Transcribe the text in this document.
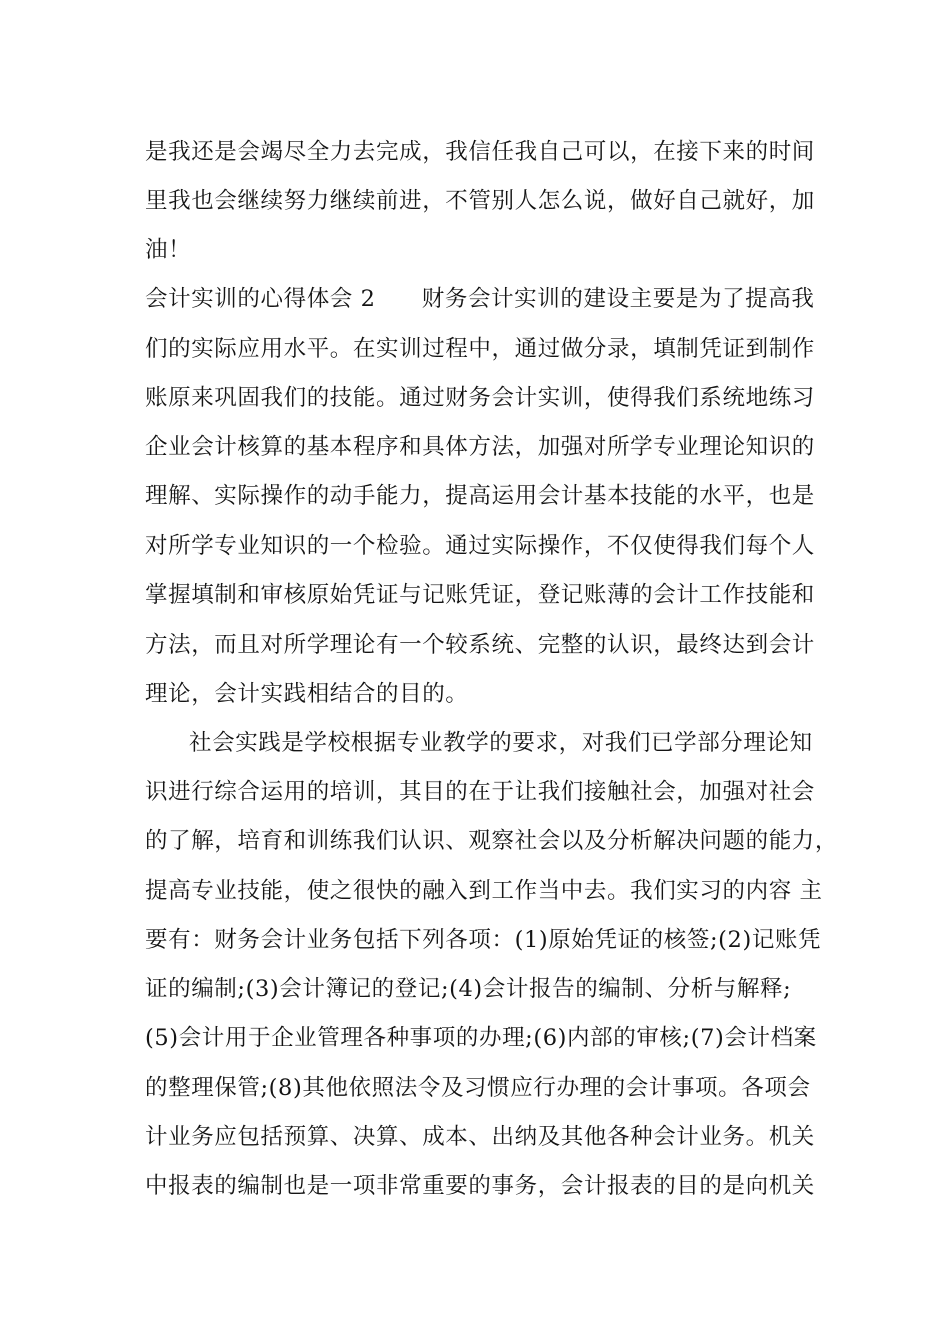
是我还是会竭尽全力去完成，我信任我自己可以，在接下来的时间
里我也会继续努力继续前进，不管别人怎么说，做好自己就好，加
油！
会计实训的心得体会 2　　财务会计实训的建设主要是为了提高我
们的实际应用水平。在实训过程中，通过做分录，填制凭证到制作
账原来巩固我们的技能。通过财务会计实训，使得我们系统地练习
企业会计核算的基本程序和具体方法，加强对所学专业理论知识的
理解、实际操作的动手能力，提高运用会计基本技能的水平，也是
对所学专业知识的一个检验。通过实际操作，不仅使得我们每个人
掌握填制和审核原始凭证与记账凭证，登记账薄的会计工作技能和
方法，而且对所学理论有一个较系统、完整的认识，最终达到会计
理论，会计实践相结合的目的。
社会实践是学校根据专业教学的要求，对我们已学部分理论知
识进行综合运用的培训，其目的在于让我们接触社会，加强对社会
的了解，培育和训练我们认识、观察社会以及分析解决问题的能力，
提高专业技能，使之很快的融入到工作当中去。我们实习的内容 主
要有：财务会计业务包括下列各项：(1)原始凭证的核签;(2)记账凭
证的编制;(3)会计簿记的登记;(4)会计报告的编制、分析与解释;
(5)会计用于企业管理各种事项的办理;(6)内部的审核;(7)会计档案
的整理保管;(8)其他依照法令及习惯应行办理的会计事项。各项会
计业务应包括预算、决算、成本、出纳及其他各种会计业务。机关
中报表的编制也是一项非常重要的事务，会计报表的目的是向机关
